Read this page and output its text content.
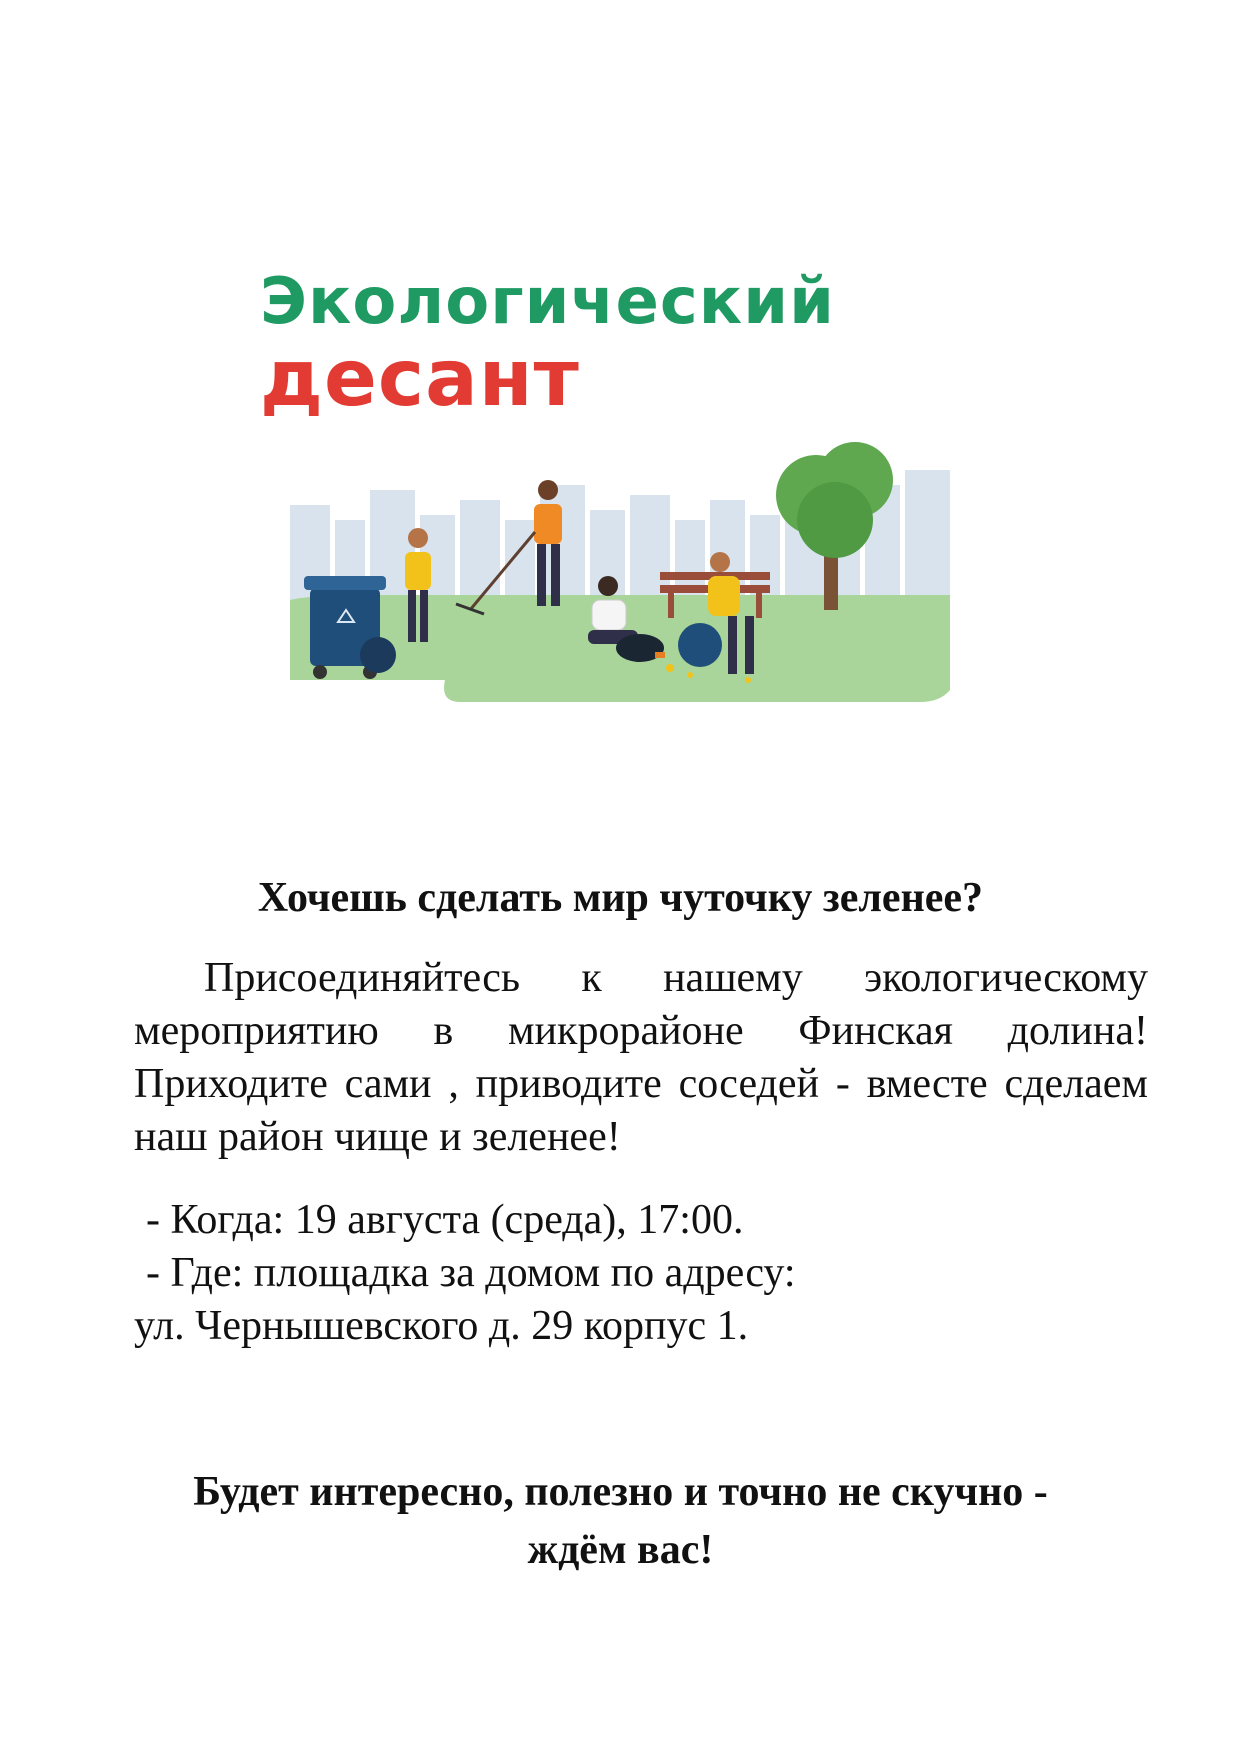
Экологический

десант

Хочешь сделать мир чуточку зеленее?

Присоединяйтесь к нашему экологическому мероприятию в микрорайоне Финская долина! Приходите сами , приводите соседей - вместе сделаем наш район чище и зеленее!

- Когда: 19 августа (среда), 17:00.

- Где: площадка за домом по адресу:

ул. Чернышевского д. 29 корпус 1.

Будет интересно, полезно и точно не скучно -
ждём вас!
